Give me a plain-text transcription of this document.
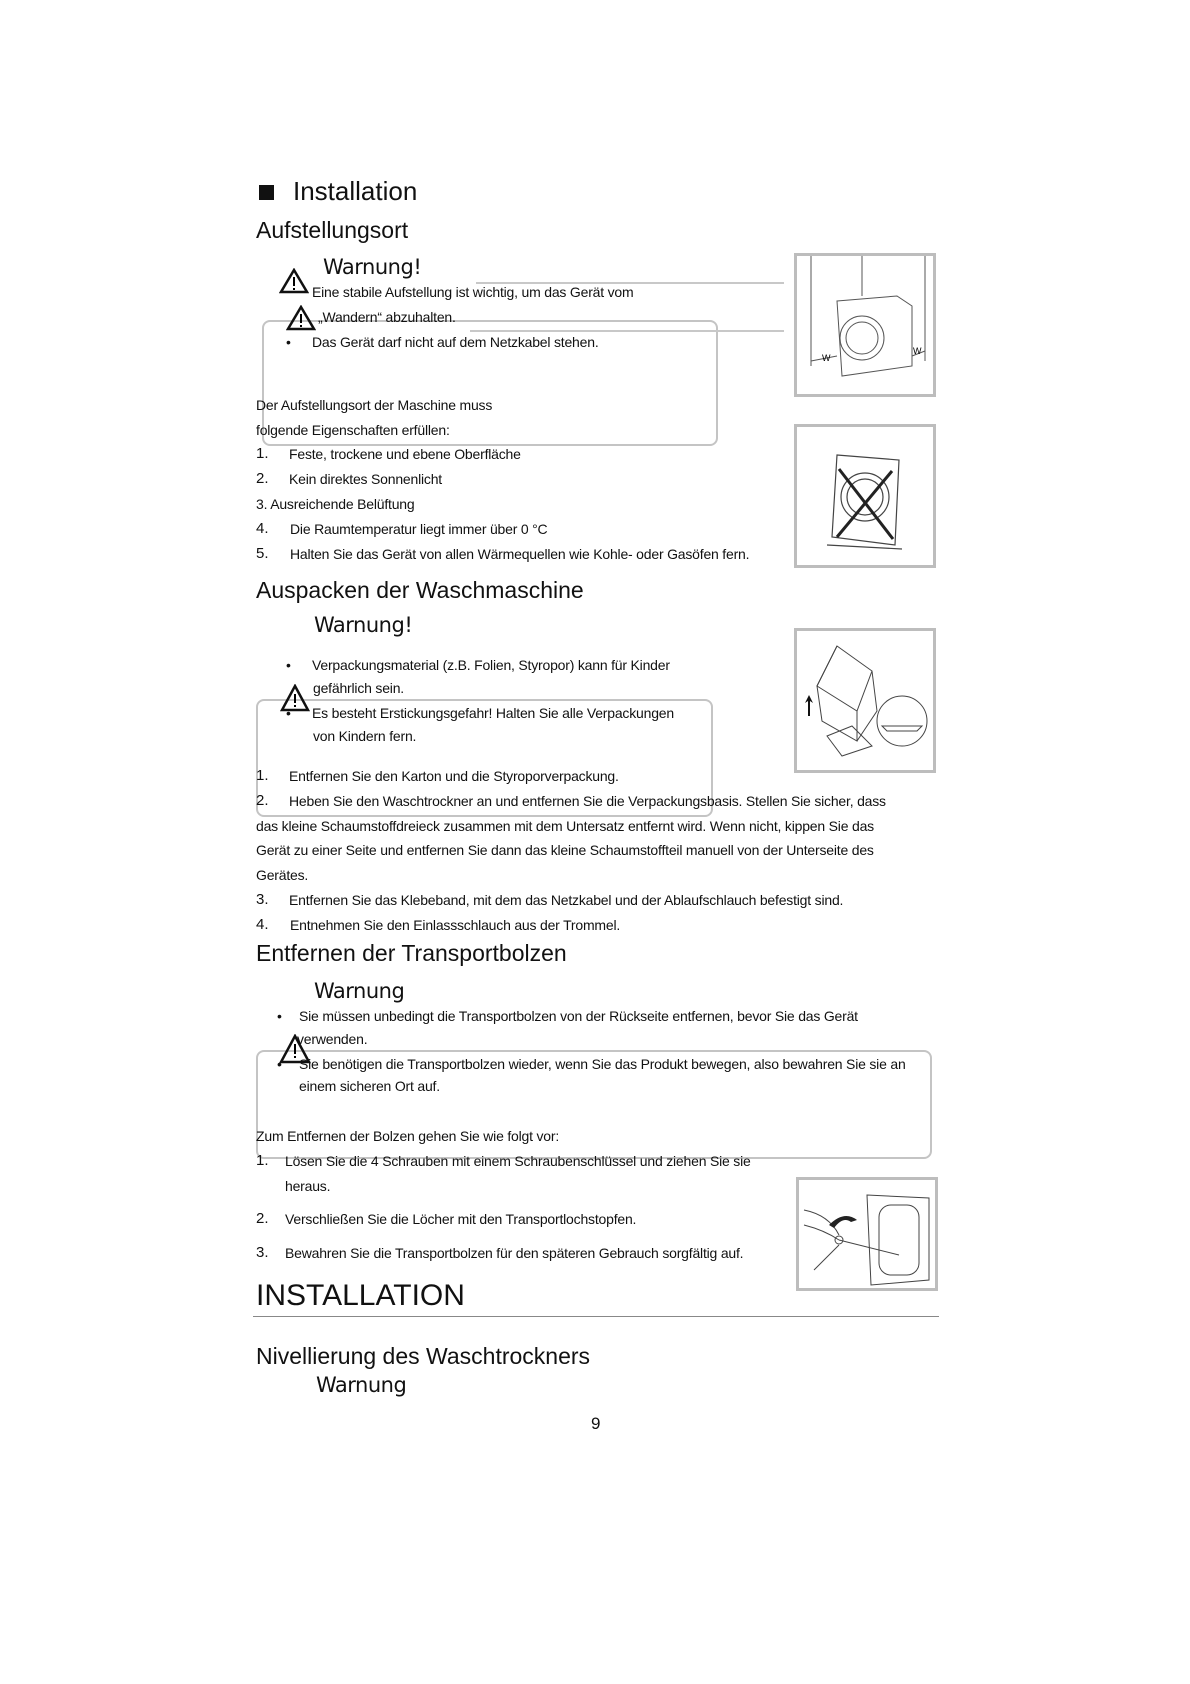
Installation
Aufstellungsort
Warnung!
Eine stabile Aufstellung ist wichtig, um das Gerät vom
„Wandern“ abzuhalten.
• Das Gerät darf nicht auf dem Netzkabel stehen.
Der Aufstellungsort der Maschine muss
folgende Eigenschaften erfüllen:
1. Feste, trockene und ebene Oberfläche
2. Kein direktes Sonnenlicht
3. Ausreichende Belüftung
4. Die Raumtemperatur liegt immer über 0 °C
5. Halten Sie das Gerät von allen Wärmequellen wie Kohle- oder Gasöfen fern.
W
W
Auspacken der Waschmaschine
Warnung!
• Verpackungsmaterial (z.B. Folien, Styropor) kann für Kinder
gefährlich sein.
• Es besteht Erstickungsgefahr! Halten Sie alle Verpackungen
von Kindern fern.
1. Entfernen Sie den Karton und die Styroporverpackung.
2. Heben Sie den Waschtrockner an und entfernen Sie die Verpackungsbasis. Stellen Sie sicher, dass
das kleine Schaumstoffdreieck zusammen mit dem Untersatz entfernt wird. Wenn nicht, kippen Sie das
Gerät zu einer Seite und entfernen Sie dann das kleine Schaumstoffteil manuell von der Unterseite des
Gerätes.
3. Entfernen Sie das Klebeband, mit dem das Netzkabel und der Ablaufschlauch befestigt sind.
4. Entnehmen Sie den Einlassschlauch aus der Trommel.
Entfernen der Transportbolzen
Warnung
• Sie müssen unbedingt die Transportbolzen von der Rückseite entfernen, bevor Sie das Gerät
verwenden.
• Sie benötigen die Transportbolzen wieder, wenn Sie das Produkt bewegen, also bewahren Sie sie an
einem sicheren Ort auf.
Zum Entfernen der Bolzen gehen Sie wie folgt vor:
1. Lösen Sie die 4 Schrauben mit einem Schraubenschlüssel und ziehen Sie sie
heraus.
2. Verschließen Sie die Löcher mit den Transportlochstopfen.
3. Bewahren Sie die Transportbolzen für den späteren Gebrauch sorgfältig auf.
INSTALLATION
Nivellierung des Waschtrockners
Warnung
9
